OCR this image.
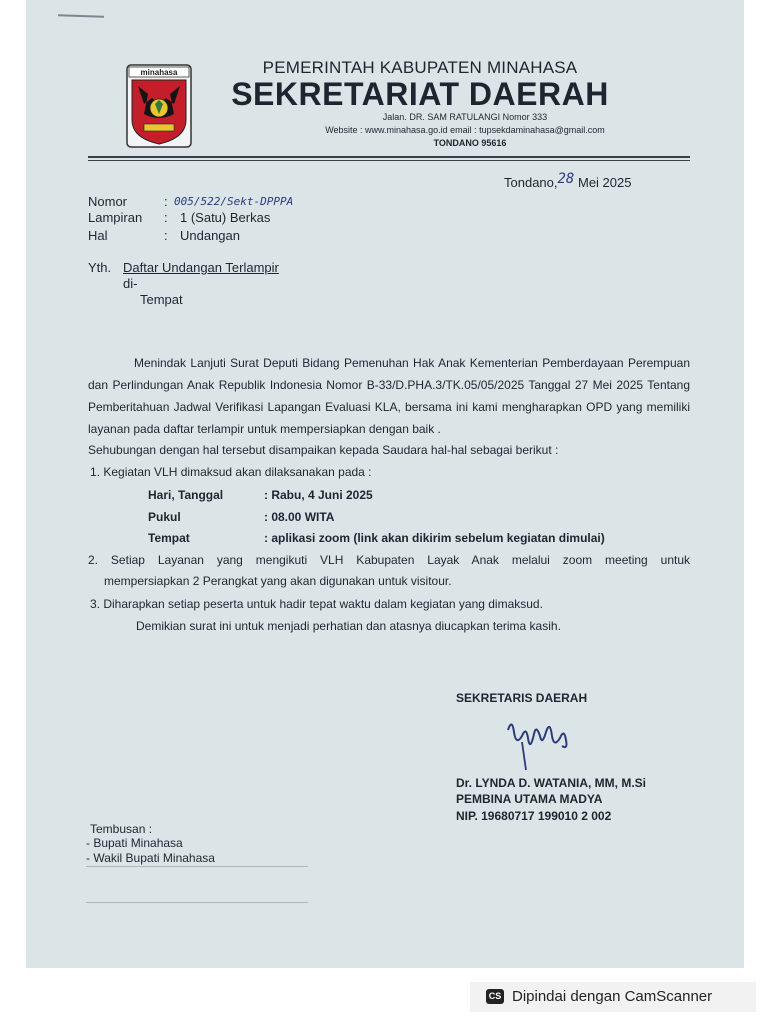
minahasa	PEMERINTAH KABUPATEN MINAHASA
SEKRETARIAT DAERAH
Jalan. DR. SAM RATULANGI Nomor 333
Website : www.minahasa.go.id email : tupsekdaminahasa@gmail.com
TONDANO 95616
Tondano,28 Mei 2025
Nomor	: 005/522/Sekt-DPPPA
Lampiran : 1 (Satu) Berkas
Hal	: Undangan
Yth. Daftar Undangan Terlampir
di-
Tempat
Menindak Lanjuti Surat Deputi Bidang Pemenuhan Hak Anak Kementerian Pemberdayaan Perempuan dan Perlindungan Anak Republik Indonesia Nomor B-33/D.PHA.3/TK.05/05/2025 Tanggal 27 Mei 2025 Tentang Pemberitahuan Jadwal Verifikasi Lapangan Evaluasi KLA, bersama ini kami mengharapkan OPD yang memiliki layanan pada daftar terlampir untuk mempersiapkan dengan baik .
Sehubungan dengan hal tersebut disampaikan kepada Saudara hal-hal sebagai berikut :
1. Kegiatan VLH dimaksud akan dilaksanakan pada :
Hari, Tanggal	: Rabu, 4 Juni 2025
Pukul	: 08.00 WITA
Tempat	: aplikasi zoom (link akan dikirim sebelum kegiatan dimulai)
2. Setiap Layanan yang mengikuti VLH Kabupaten Layak Anak melalui zoom meeting untuk
mempersiapkan 2 Perangkat yang akan digunakan untuk visitour.
3. Diharapkan setiap peserta untuk hadir tepat waktu dalam kegiatan yang dimaksud.
Demikian surat ini untuk menjadi perhatian dan atasnya diucapkan terima kasih.
SEKRETARIS DAERAH
Dr. LYNDA D. WATANIA, MM, M.Si
PEMBINA UTAMA MADYA
NIP. 19680717 199010 2 002
Tembusan :
- Bupati Minahasa
- Wakil Bupati Minahasa
CS Dipindai dengan CamScanner
